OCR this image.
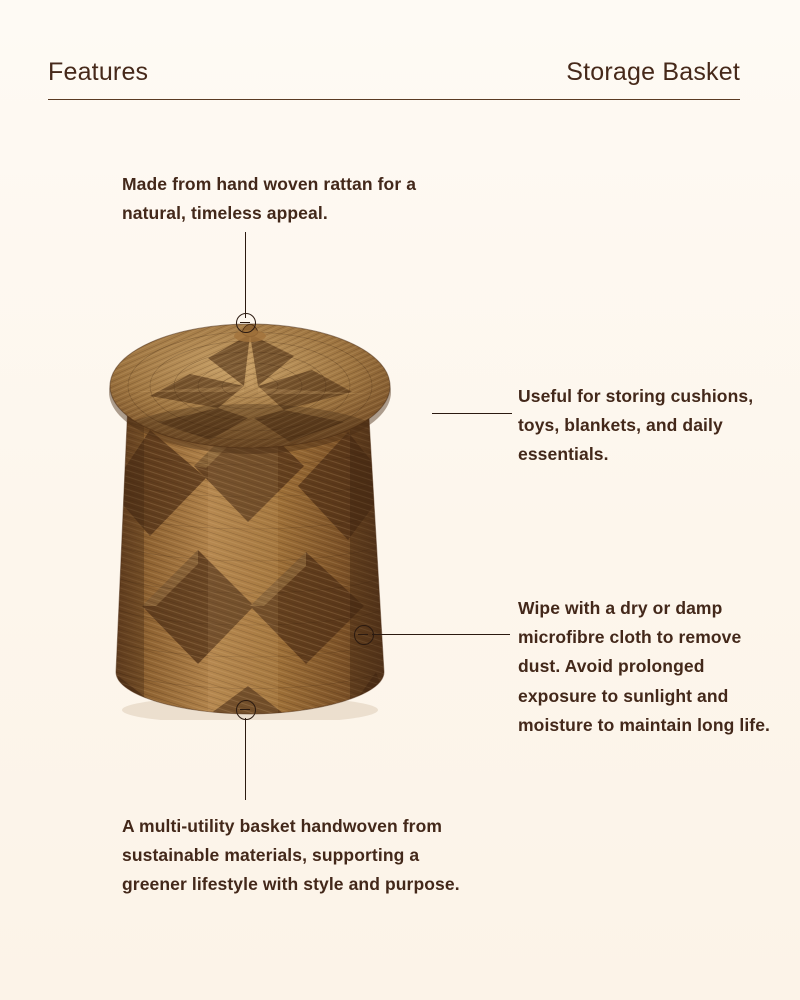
Features	Storage Basket
Made from hand woven rattan for a natural, timeless appeal.
Useful for storing cushions, toys, blankets, and daily essentials.
Wipe with a dry or damp microfibre cloth to remove dust. Avoid prolonged exposure to sunlight and moisture to maintain long life.
A multi-utility basket handwoven from sustainable materials, supporting a greener lifestyle with style and purpose.
